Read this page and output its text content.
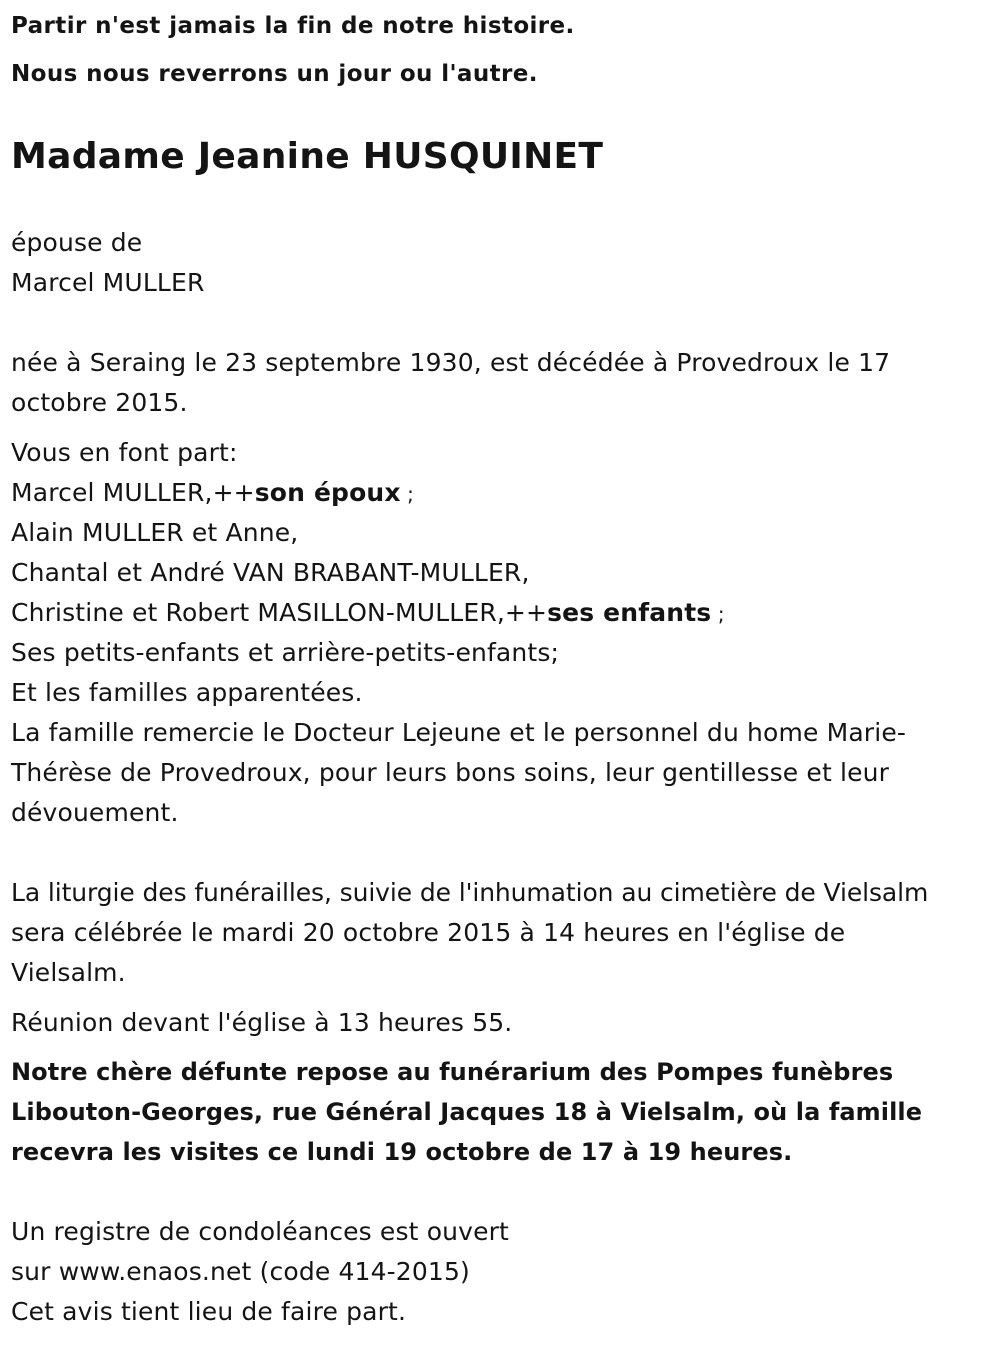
Partir n'est jamais la fin de notre histoire.
Nous nous reverrons un jour ou l'autre.
Madame Jeanine HUSQUINET
épouse de
Marcel MULLER
née à Seraing le 23 septembre 1930, est décédée à Provedroux le 17
octobre 2015.
Vous en font part:
Marcel MULLER,++son époux ;
Alain MULLER et Anne,
Chantal et André VAN BRABANT-MULLER,
Christine et Robert MASILLON-MULLER,++ses enfants ;
Ses petits-enfants et arrière-petits-enfants;
Et les familles apparentées.
La famille remercie le Docteur Lejeune et le personnel du home Marie-
Thérèse de Provedroux, pour leurs bons soins, leur gentillesse et leur
dévouement.
La liturgie des funérailles, suivie de l'inhumation au cimetière de Vielsalm
sera célébrée le mardi 20 octobre 2015 à 14 heures en l'église de
Vielsalm.
Réunion devant l'église à 13 heures 55.
Notre chère défunte repose au funérarium des Pompes funèbres
Libouton-Georges, rue Général Jacques 18 à Vielsalm, où la famille
recevra les visites ce lundi 19 octobre de 17 à 19 heures.
Un registre de condoléances est ouvert
sur www.enaos.net (code 414-2015)
Cet avis tient lieu de faire part.
